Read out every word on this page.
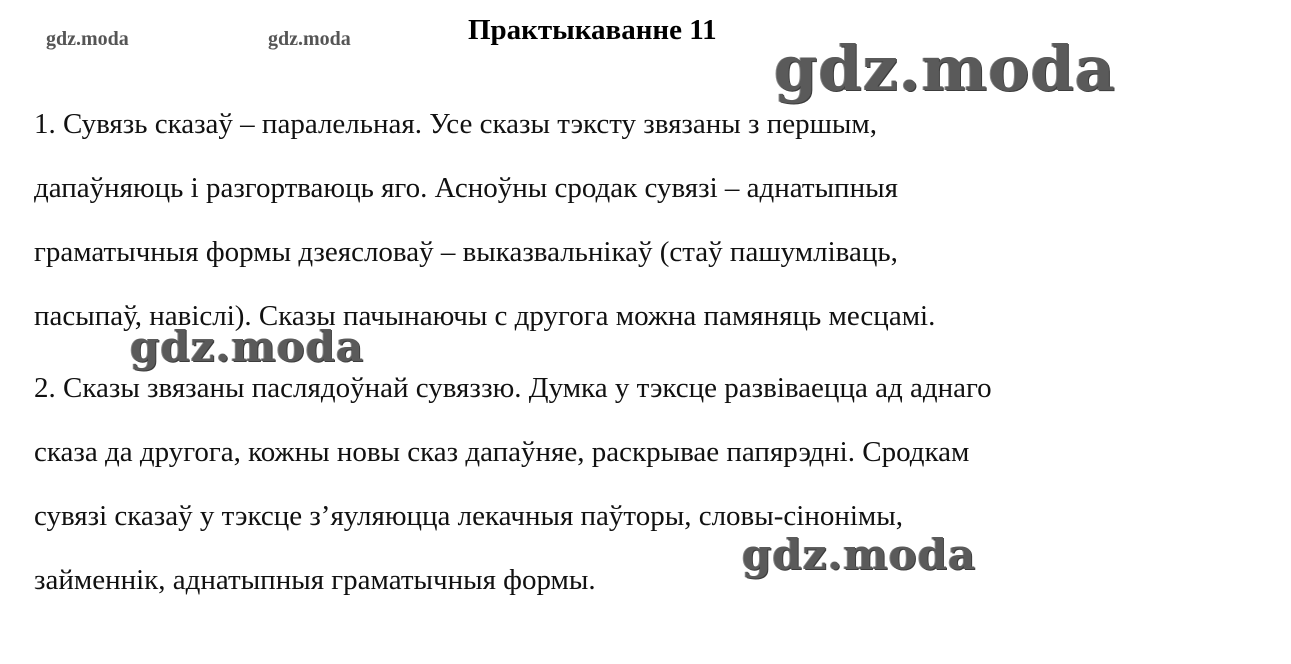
gdz.moda	gdz.moda	Практыкаванне 11
gdz.moda

1. Сувязь сказаў – паралельная. Усе сказы тэксту звязаны з першым,
дапаўняюць і разгортваюць яго. Асноўны сродак сувязі – аднатыпныя
граматычныя формы дзеясловаў – выказвальнікаў (стаў пашумліваць,
пасыпаў, навіслі). Сказы пачынаючы с другога можна памяняць месцамі.

gdz.moda

2. Сказы звязаны паслядоўнай сувяззю. Думка у тэксце развіваецца ад аднаго
сказа да другога, кожны новы сказ дапаўняе, раскрывае папярэдні. Сродкам
сувязі сказаў у тэксце з’яуляюцца лекачныя паўторы, словы-сінонімы,
займеннік, аднатыпныя граматычныя формы.

gdz.moda
